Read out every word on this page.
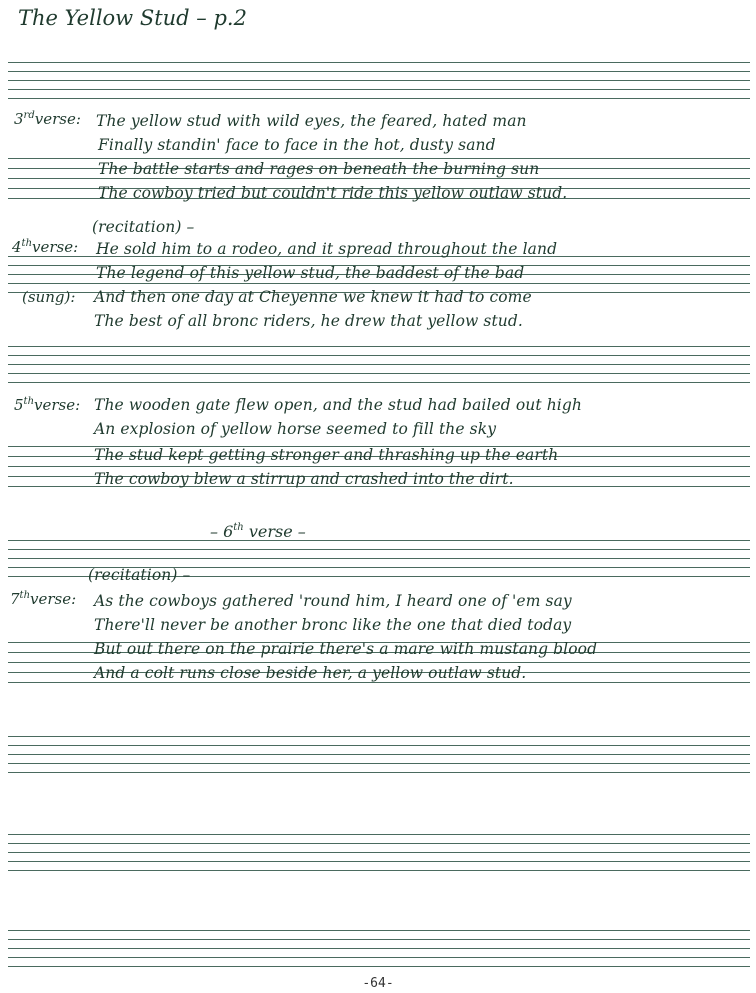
The Yellow Stud – p.2
3rdverse: The yellow stud with wild eyes, the feared, hated man
Finally standin' face to face in the hot, dusty sand
The battle starts and rages on beneath the burning sun
The cowboy tried but couldn't ride this yellow outlaw stud.
(recitation) –
4thverse: He sold him to a rodeo, and it spread throughout the land
The legend of this yellow stud, the baddest of the bad
(sung): And then one day at Cheyenne we knew it had to come
The best of all bronc riders, he drew that yellow stud.
5thverse: The wooden gate flew open, and the stud had bailed out high
An explosion of yellow horse seemed to fill the sky
The stud kept getting stronger and thrashing up the earth
The cowboy blew a stirrup and crashed into the dirt.
– 6th verse –
(recitation) –
7thverse: As the cowboys gathered 'round him, I heard one of 'em say
There'll never be another bronc like the one that died today
But out there on the prairie there's a mare with mustang blood
And a colt runs close beside her, a yellow outlaw stud.
-64-
